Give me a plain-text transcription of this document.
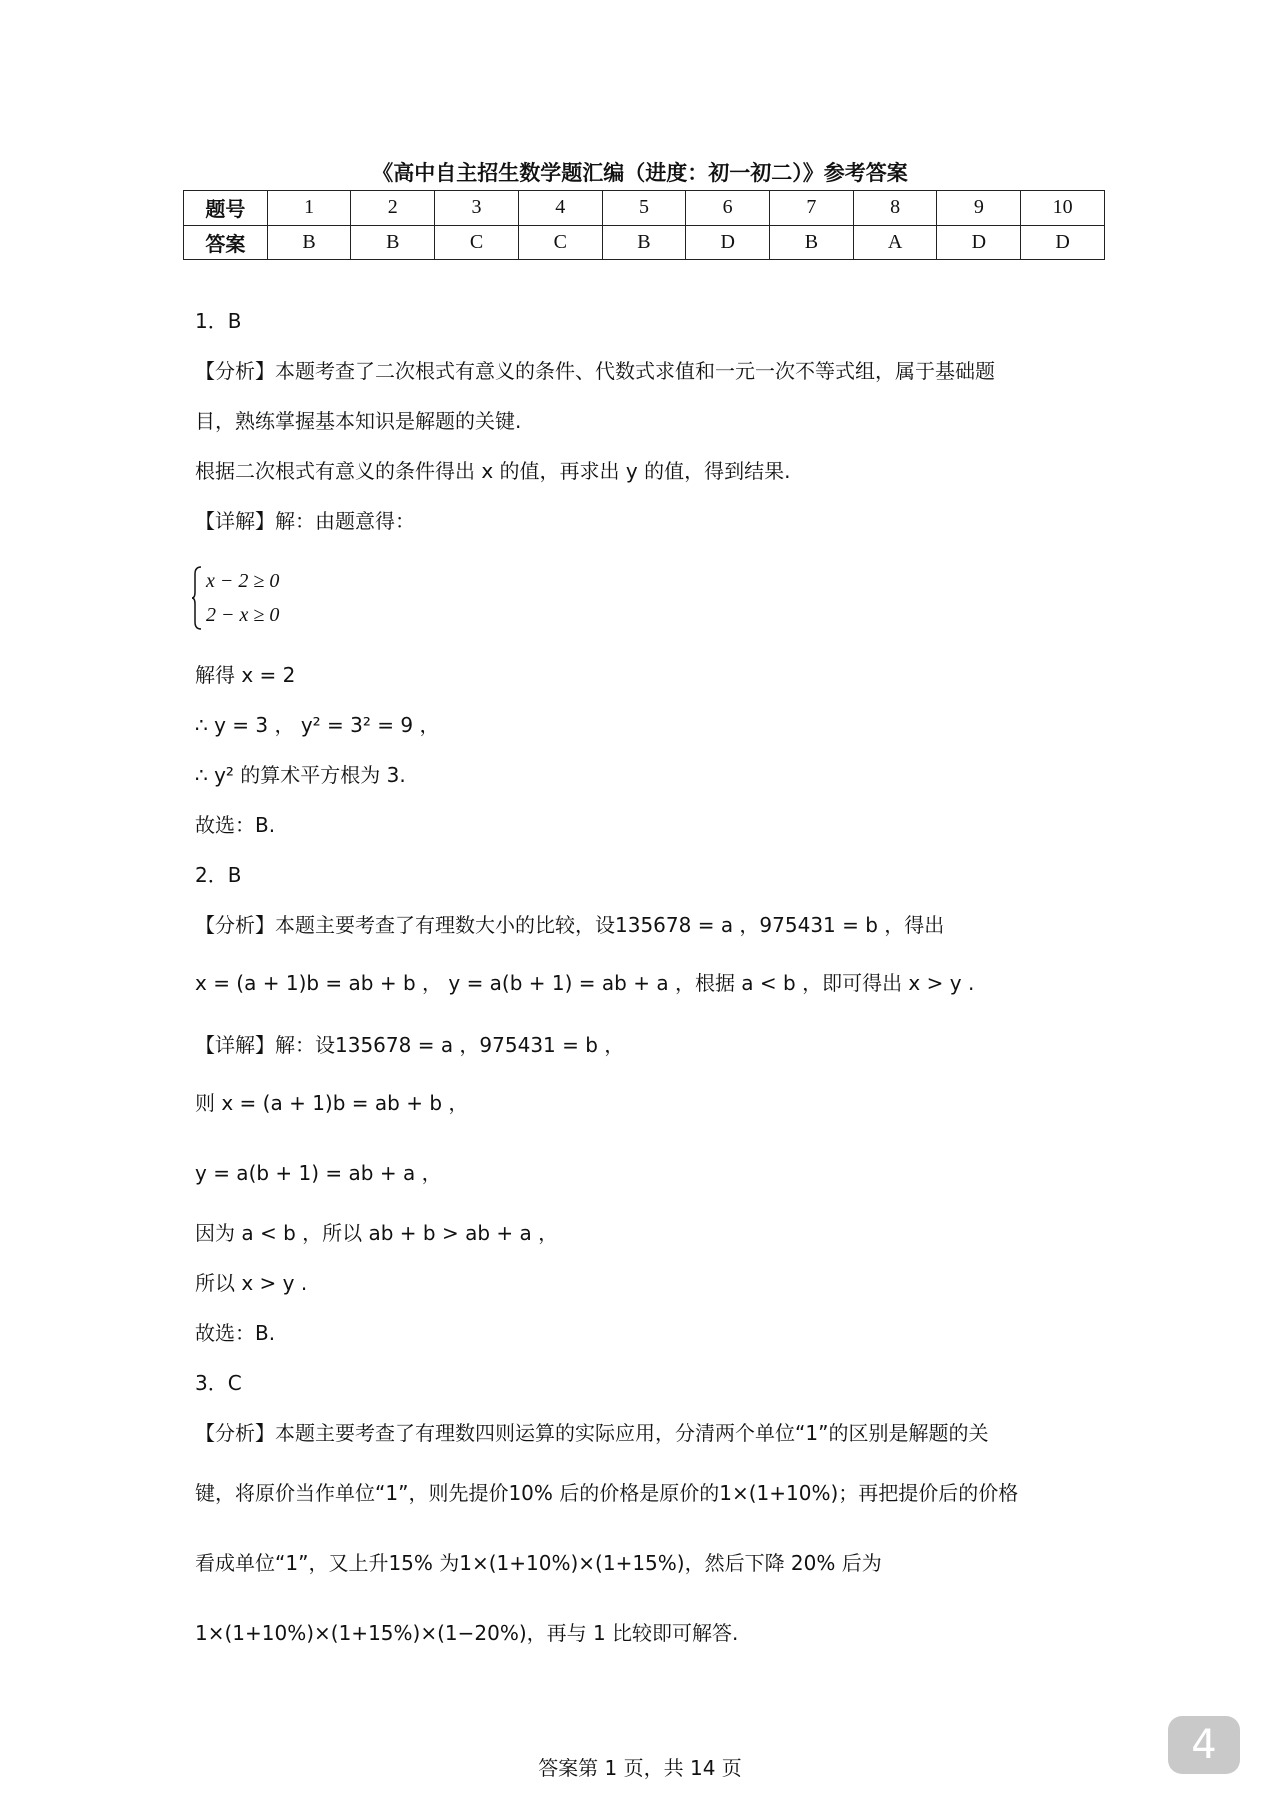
《高中自主招生数学题汇编（进度：初一初二）》参考答案
题号	1	2	3	4	5	6	7	8	9	10
答案	B	B	C	C	B	D	B	A	D	D
1．B
【分析】本题考查了二次根式有意义的条件、代数式求值和一元一次不等式组，属于基础题
目，熟练掌握基本知识是解题的关键.
根据二次根式有意义的条件得出 x 的值，再求出 y 的值，得到结果.
【详解】解：由题意得：
x − 2 ≥ 0
2 − x ≥ 0
解得 x = 2
∴ y = 3 ， y² = 3² = 9 ，
∴ y² 的算术平方根为 3.
故选：B.
2．B
【分析】本题主要考查了有理数大小的比较，设135678 = a ，975431 = b ，得出
x = (a + 1)b = ab + b ， y = a(b + 1) = ab + a ，根据 a < b ，即可得出 x > y .
【详解】解：设135678 = a ，975431 = b ，
则 x = (a + 1)b = ab + b ，
y = a(b + 1) = ab + a ，
因为 a < b ，所以 ab + b > ab + a ，
所以 x > y .
故选：B.
3．C
【分析】本题主要考查了有理数四则运算的实际应用，分清两个单位“1”的区别是解题的关
键，将原价当作单位“1”，则先提价10% 后的价格是原价的1×(1+10%)；再把提价后的价格
看成单位“1”，又上升15% 为1×(1+10%)×(1+15%)，然后下降 20% 后为
1×(1+10%)×(1+15%)×(1−20%)，再与 1 比较即可解答.
答案第 1 页，共 14 页	4
